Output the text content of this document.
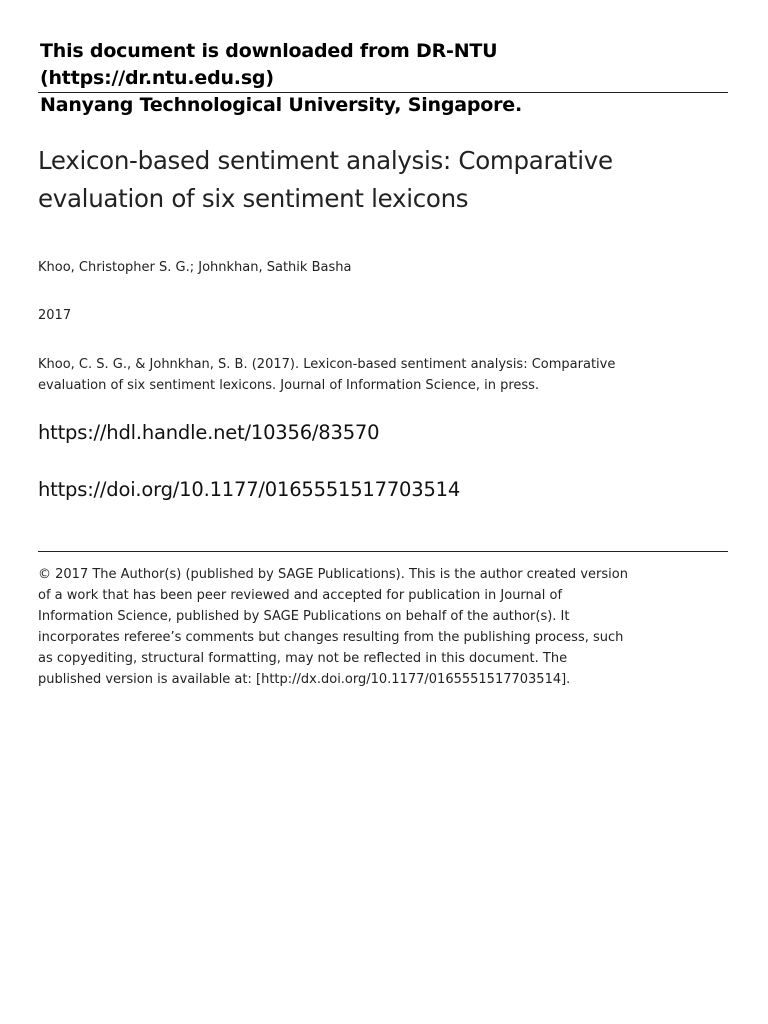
This document is downloaded from DR-NTU (https://dr.ntu.edu.sg)
Nanyang Technological University, Singapore.
Lexicon-based sentiment analysis: Comparative
evaluation of six sentiment lexicons
Khoo, Christopher S. G.; Johnkhan, Sathik Basha
2017
Khoo, C. S. G., & Johnkhan, S. B. (2017). Lexicon-based sentiment analysis: Comparative
evaluation of six sentiment lexicons. Journal of Information Science, in press.
https://hdl.handle.net/10356/83570
https://doi.org/10.1177/0165551517703514
© 2017 The Author(s) (published by SAGE Publications). This is the author created version
of a work that has been peer reviewed and accepted for publication in Journal of
Information Science, published by SAGE Publications on behalf of the author(s). It
incorporates referee’s comments but changes resulting from the publishing process, such
as copyediting, structural formatting, may not be reflected in this document. The
published version is available at: [http://dx.doi.org/10.1177/0165551517703514].
